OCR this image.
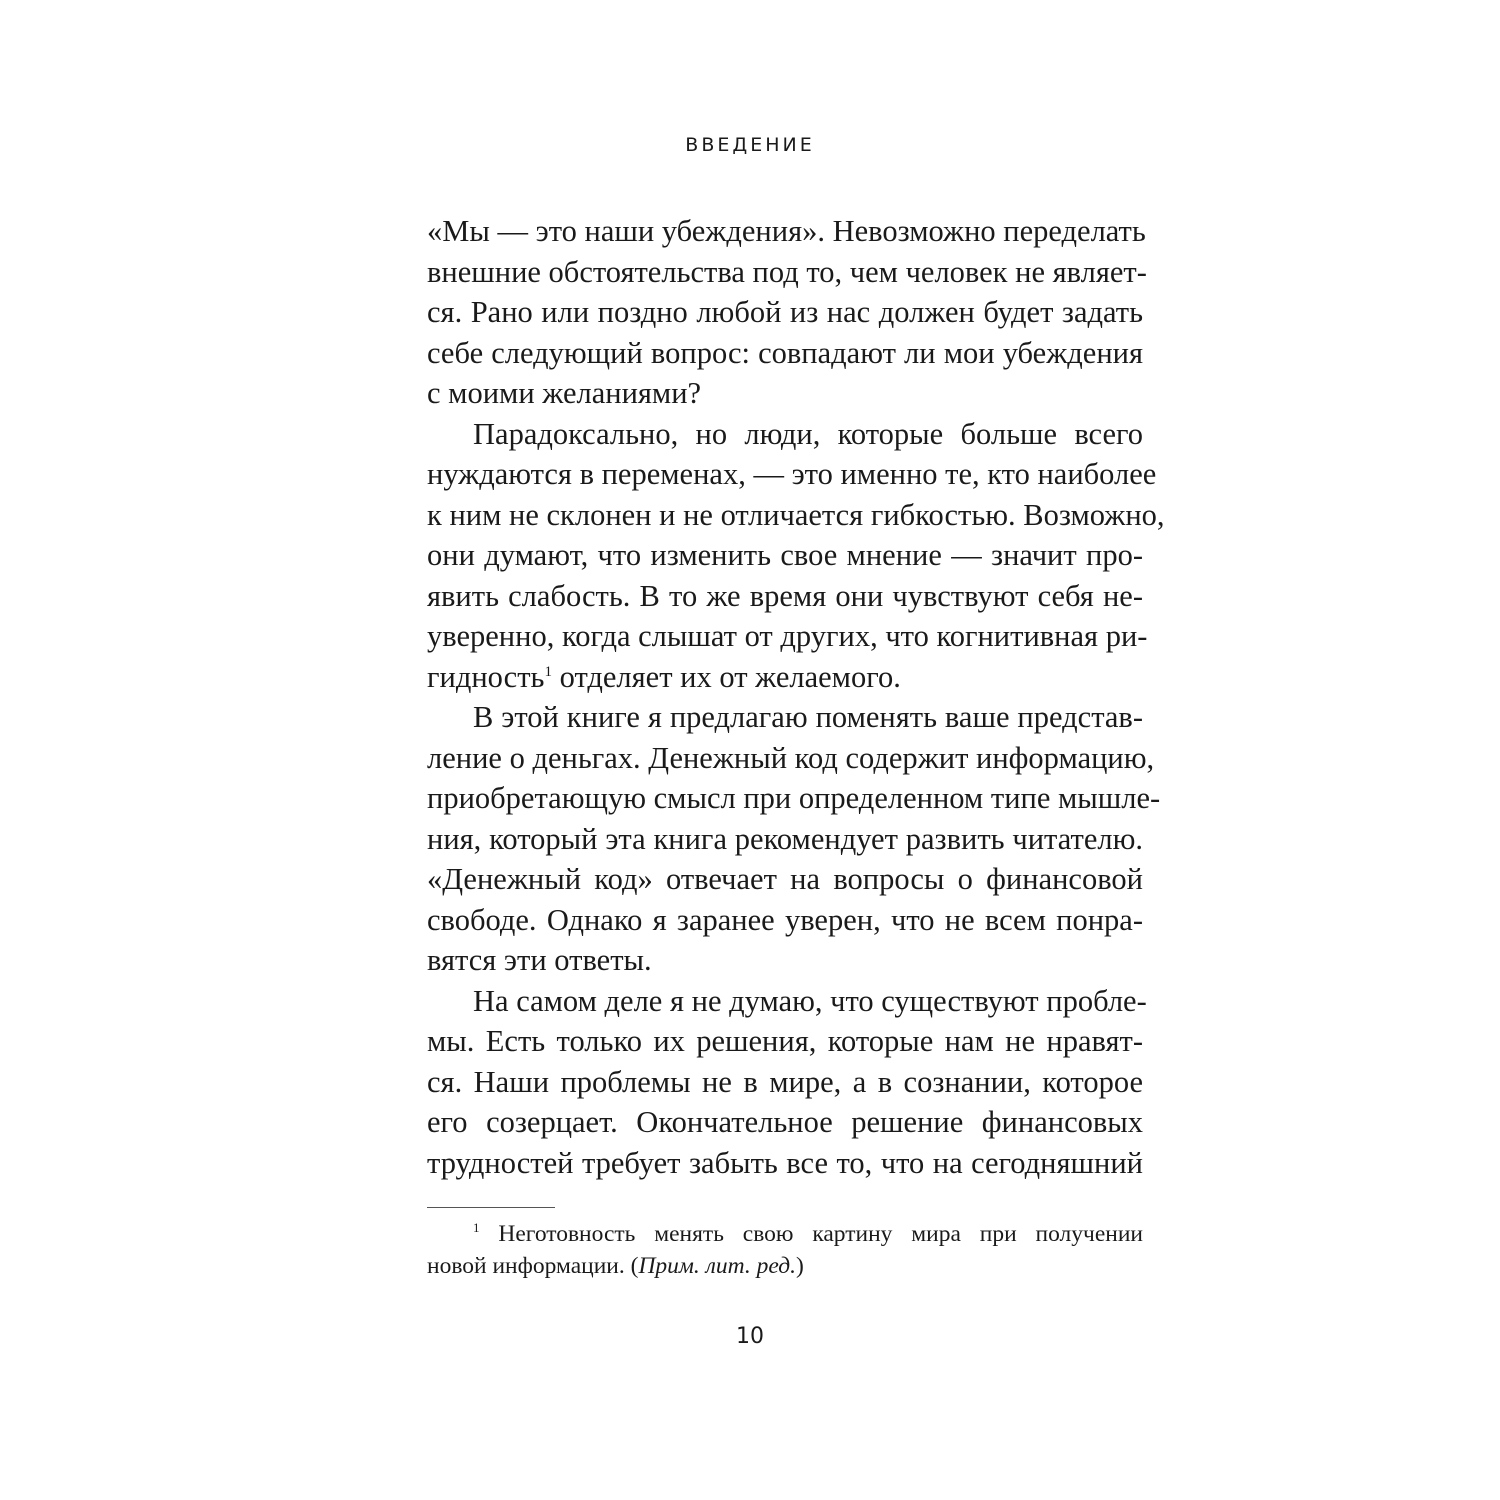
ВВЕДЕНИЕ
«Мы — это наши убеждения». Невозможно переделать
внешние обстоятельства под то, чем человек не являет-
ся. Рано или поздно любой из нас должен будет задать
себе следующий вопрос: совпадают ли мои убеждения
с моими желаниями?
Парадоксально, но люди, которые больше всего
нуждаются в переменах, — это именно те, кто наиболее
к ним не склонен и не отличается гибкостью. Возможно,
они думают, что изменить свое мнение — значит про-
явить слабость. В то же время они чувствуют себя не-
уверенно, когда слышат от других, что когнитивная ри-
гидность$^1$ отделяет их от желаемого.
В этой книге я предлагаю поменять ваше представ-
ление о деньгах. Денежный код содержит информацию,
приобретающую смысл при определенном типе мышле-
ния, который эта книга рекомендует развить читателю.
«Денежный код» отвечает на вопросы о финансовой
свободе. Однако я заранее уверен, что не всем понра-
вятся эти ответы.
На самом деле я не думаю, что существуют пробле-
мы. Есть только их решения, которые нам не нравят-
ся. Наши проблемы не в мире, а в сознании, которое
его созерцает. Окончательное решение финансовых
трудностей требует забыть все то, что на сегодняшний
$^1$ Неготовность менять свою картину мира при получении
новой информации. (Прим. лит. ред.)
10
